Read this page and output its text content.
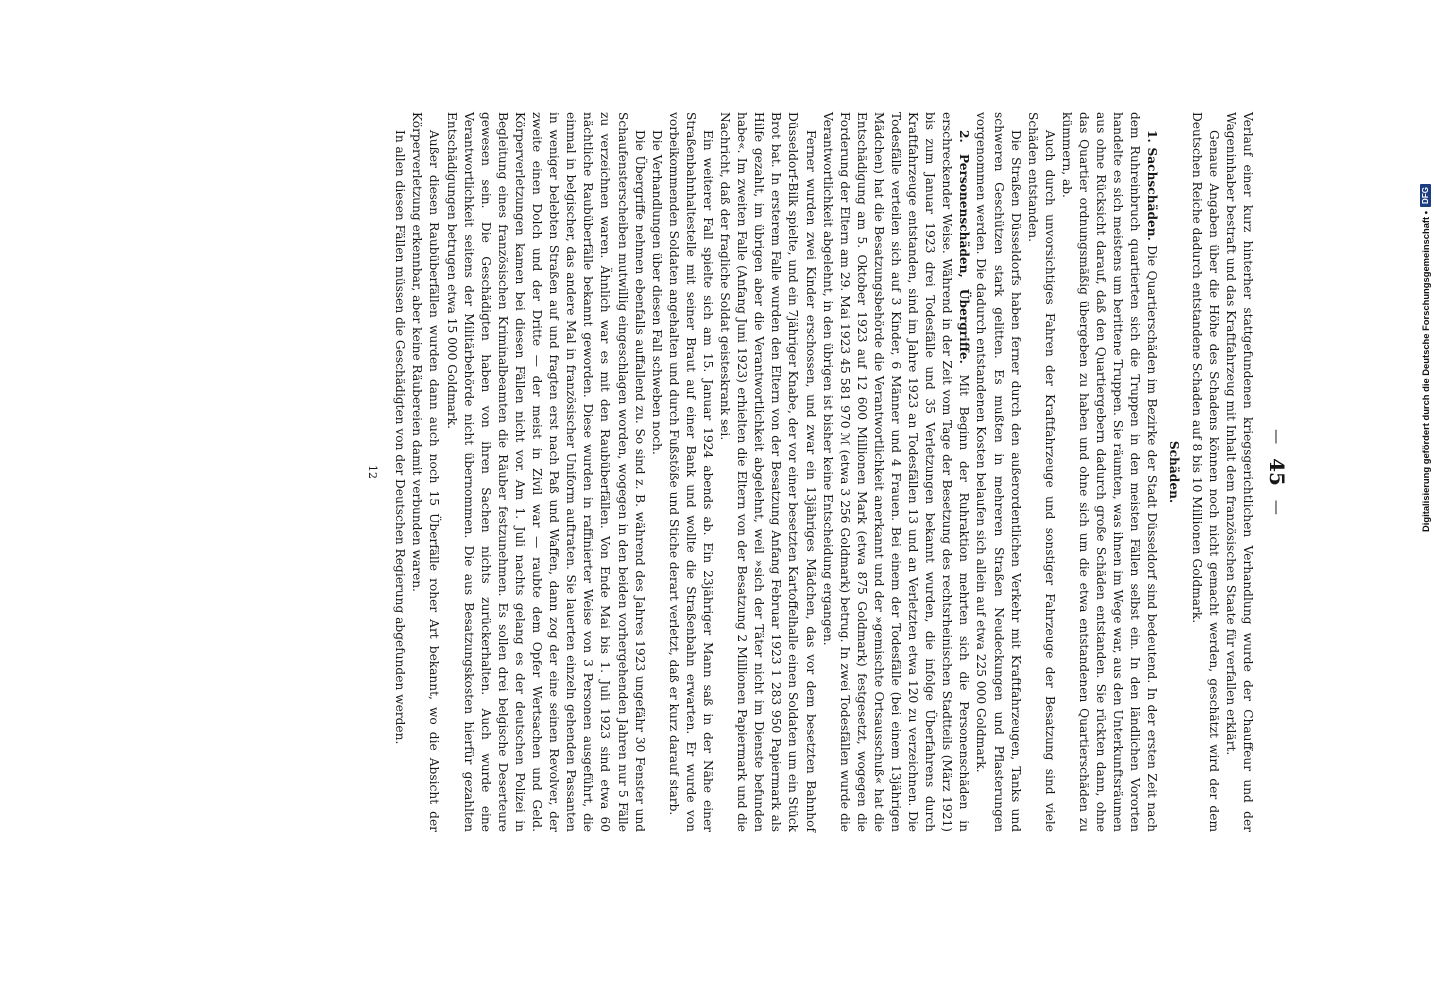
—
45
—

Verlauf einer kurz hinterher stattgefundenen kriegsgerichtlichen Verhandlung wurde der Chauffeur und der Wageninhaber bestraft und das Kraftfahrzeug mit Inhalt dem französischen Staate für verfallen erklärt.

Genaue Angaben über die Höhe des Schadens können noch nicht gemacht werden, geschätzt wird der dem Deutschen Reiche dadurch entstandene Schaden auf 8 bis 10 Millionen Goldmark.

Schäden.

1. Sachschäden. Die Quartierschäden im Bezirke der Stadt Düsseldorf sind bedeutend. In der ersten Zeit nach dem Ruhreinbruch quartierten sich die Truppen in den meisten Fällen selbst ein. In den ländlichen Vororten handelte es sich meistens um berittene Truppen. Sie räumten, was ihnen im Wege war, aus den Unterkunftsräumen aus ohne Rücksicht darauf, daß den Quartiergebern dadurch große Schäden entstanden. Sie rückten dann, ohne das Quartier ordnungsmäßig übergeben zu haben und ohne sich um die etwa entstandenen Quartierschäden zu kümmern, ab.

Auch durch unvorsichtiges Fahren der Kraftfahrzeuge und sonstiger Fahrzeuge der Besatzung sind viele Schäden entstanden.

Die Straßen Düsseldorfs haben ferner durch den außerordentlichen Verkehr mit Kraftfahrzeugen, Tanks und schweren Geschützen stark gelitten. Es mußten in mehreren Straßen Neudeckungen und Pflasterungen vorgenommen werden. Die dadurch entstandenen Kosten belaufen sich allein auf etwa 225 000 Goldmark.

2. Personenschäden, Übergriffe. Mit Beginn der Ruhraktion mehrten sich die Personenschäden in erschreckender Weise. Während in der Zeit vom Tage der Besetzung des rechtsrheinischen Stadtteils (März 1921) bis zum Januar 1923 drei Todesfälle und 35 Verletzungen bekannt wurden, die infolge Überfahrens durch Kraftfahrzeuge entstanden, sind im Jahre 1923 an Todesfällen 13 und an Verletzten etwa 120 zu verzeichnen. Die Todesfälle verteilen sich auf 3 Kinder, 6 Männer und 4 Frauen. Bei einem der Todesfälle (bei einem 13jährigen Mädchen) hat die Besatzungsbehörde die Verantwortlichkeit anerkannt und der »gemischte Ortsausschuß« hat die Entschädigung am 5. Oktober 1923 auf 12 600 Millionen Mark (etwa 875 Goldmark) festgesetzt, wogegen die Forderung der Eltern am 29. Mai 1923 45 581 970 ℳ (etwa 3 256 Goldmark) betrug. In zwei Todesfällen wurde die Verantwortlichkeit abgelehnt, in den übrigen ist bisher keine Entscheidung ergangen.

Ferner wurden zwei Kinder erschossen, und zwar ein 13jähriges Mädchen, das vor dem besetzten Bahnhof Düsseldorf-Bilk spielte, und ein 7jähriger Knabe, der vor einer besetzten Kartoffelhalle einen Soldaten um ein Stück Brot bat. In ersterem Falle wurden den Eltern von der Besatzung Anfang Februar 1923 1 283 950 Papiermark als Hilfe gezahlt, im übrigen aber die Verantwortlichkeit abgelehnt, weil »sich der Täter nicht im Dienste befunden habe«. Im zweiten Falle (Anfang Juni 1923) erhielten die Eltern von der Besatzung 2 Millionen Papiermark und die Nachricht, daß der fragliche Soldat geisteskrank sei.

Ein weiterer Fall spielte sich am 15. Januar 1924 abends ab. Ein 23jähriger Mann saß in der Nähe einer Straßenbahnhaltestelle mit seiner Braut auf einer Bank und wollte die Straßenbahn erwarten. Er wurde von vorbeikommenden Soldaten angehalten und durch Fußstöße und Stiche derart verletzt, daß er kurz darauf starb.

Die Verhandlungen über diesen Fall schweben noch.

Die Übergriffe nehmen ebenfalls auffallend zu. So sind z. B. während des Jahres 1923 ungefähr 30 Fenster und Schaufensterscheiben mutwillig eingeschlagen worden, wogegen in den beiden vorhergehenden Jahren nur 5 Fälle zu verzeichnen waren. Ähnlich war es mit den Raubüberfällen. Von Ende Mai bis 1. Juli 1923 sind etwa 60 nächtliche Raubüberfälle bekannt geworden. Diese wurden in raffinierter Weise von 3 Personen ausgeführt, die einmal in belgischer, das andere Mal in französischer Uniform auftraten. Sie lauerten einzeln gehenden Passanten in weniger belebten Straßen auf und fragten erst nach Paß und Waffen, dann zog der eine seinen Revolver, der zweite einen Dolch und der Dritte — der meist in Zivil war — raubte dem Opfer Wertsachen und Geld. Körperverletzungen kamen bei diesen Fällen nicht vor. Am 1. Juli nachts gelang es der deutschen Polizei in Begleitung eines französischen Kriminalbeamten die Räuber festzunehmen. Es sollen drei belgische Deserteure gewesen sein. Die Geschädigten haben von ihren Sachen nichts zurückerhalten. Auch wurde eine Verantwortlichkeit seitens der Militärbehörde nicht übernommen. Die aus Besatzungskosten hierfür gezahlten Entschädigungen betrugen etwa 15 000 Goldmark.

Außer diesen Raubüberfällen wurden dann auch noch 15 Überfälle roher Art bekannt, wo die Absicht der Körperverletzung erkennbar, aber keine Räubereien damit verbunden waren.

In allen diesen Fällen müssen die Geschädigten von der Deutschen Regierung abgefunden werden.

12	Digitalisierung gefördert durch die Deutsche Forschungsgemeinschaft •
DFG
